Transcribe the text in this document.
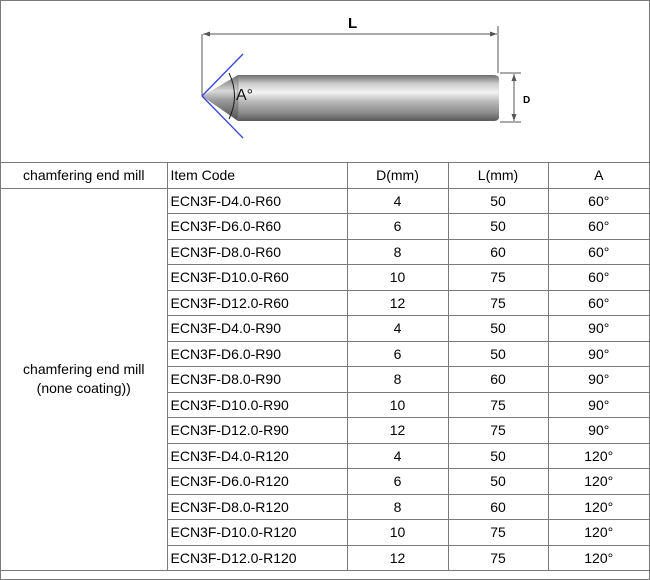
L
D
A°
chamfering end mill	Item Code	D(mm)	L(mm)	A

chamfering end mill
(none coating))	ECN3F-D4.0-R60	4	50	60°
	ECN3F-D6.0-R60	6	50	60°
	ECN3F-D8.0-R60	8	60	60°
	ECN3F-D10.0-R60	10	75	60°
	ECN3F-D12.0-R60	12	75	60°
	ECN3F-D4.0-R90	4	50	90°
	ECN3F-D6.0-R90	6	50	90°
	ECN3F-D8.0-R90	8	60	90°
	ECN3F-D10.0-R90	10	75	90°
	ECN3F-D12.0-R90	12	75	90°
	ECN3F-D4.0-R120	4	50	120°
	ECN3F-D6.0-R120	6	50	120°
	ECN3F-D8.0-R120	8	60	120°
	ECN3F-D10.0-R120	10	75	120°
	ECN3F-D12.0-R120	12	75	120°
